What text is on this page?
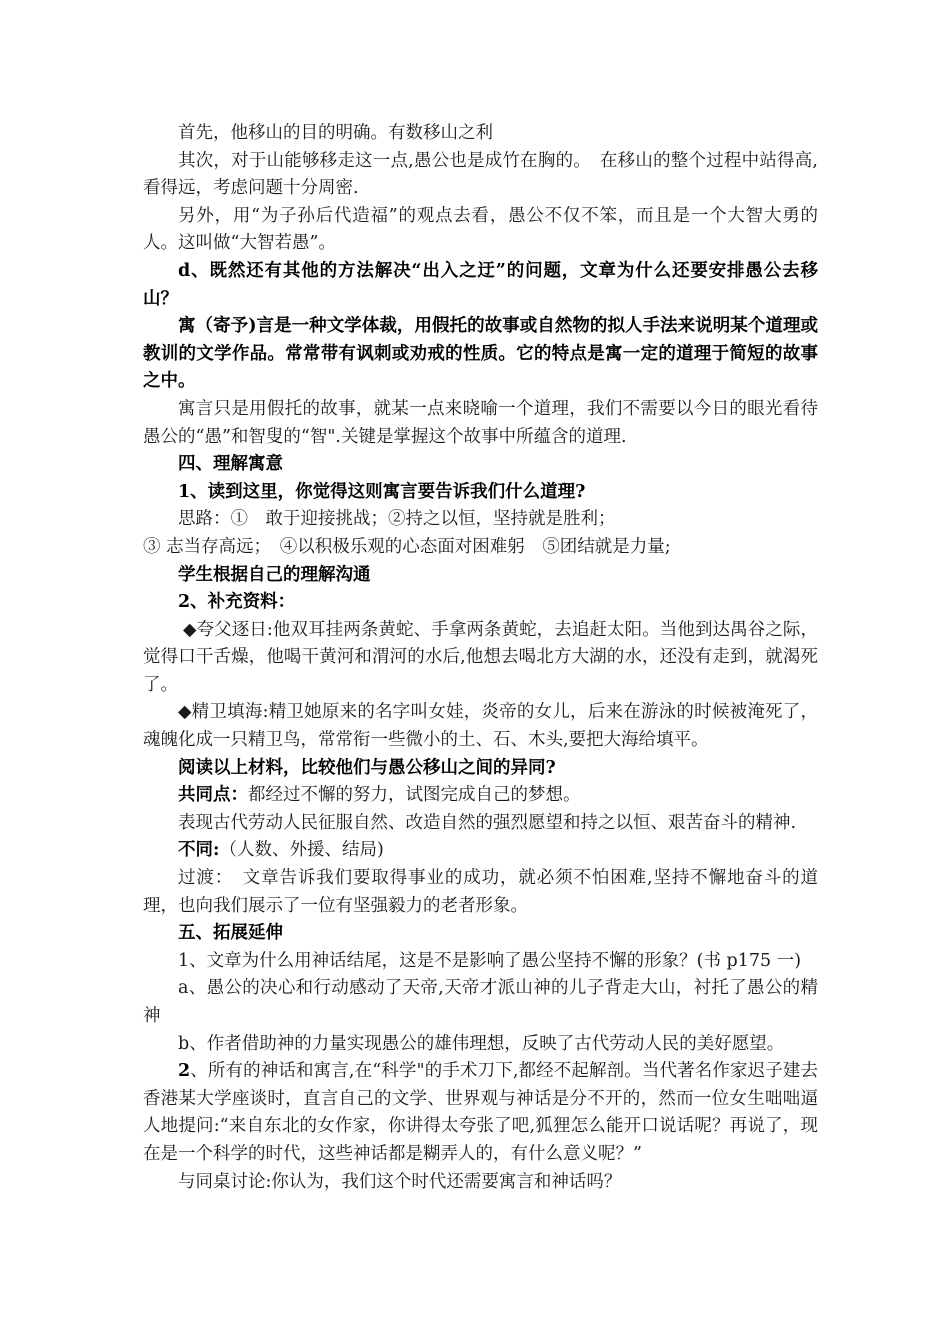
首先，他移山的目的明确。有数移山之利

其次，对于山能够移走这一点,愚公也是成竹在胸的。　在移山的整个过程中站得高,看得远，考虑问题十分周密.

另外，用“为子孙后代造福”的观点去看，愚公不仅不笨，而且是一个大智大勇的人。这叫做“大智若愚”。

d、既然还有其他的方法解决“出入之迂”的问题，文章为什么还要安排愚公去移山？

寓（寄予)言是一种文学体裁，用假托的故事或自然物的拟人手法来说明某个道理或教训的文学作品。常常带有讽刺或劝戒的性质。它的特点是寓一定的道理于简短的故事之中。

寓言只是用假托的故事，就某一点来晓喻一个道理，我们不需要以今日的眼光看待愚公的“愚”和智叟的“智".关键是掌握这个故事中所蕴含的道理.

四、理解寓意

1、读到这里，你觉得这则寓言要告诉我们什么道理?

思路：①　敢于迎接挑战；②持之以恒，坚持就是胜利；

③ 志当存高远；　④以积极乐观的心态面对困难躬　⑤团结就是力量;

学生根据自己的理解沟通

2、补充资料：

◆夸父逐日:他双耳挂两条黄蛇、手拿两条黄蛇，去追赶太阳。当他到达禺谷之际，觉得口干舌燥，他喝干黄河和渭河的水后,他想去喝北方大湖的水，还没有走到，就渴死了。

◆精卫填海:精卫她原来的名字叫女娃，炎帝的女儿，后来在游泳的时候被淹死了，魂魄化成一只精卫鸟，常常衔一些微小的土、石、木头,要把大海给填平。

阅读以上材料，比较他们与愚公移山之间的异同?

共同点：都经过不懈的努力，试图完成自己的梦想。

表现古代劳动人民征服自然、改造自然的强烈愿望和持之以恒、艰苦奋斗的精神.

不同:（人数、外援、结局)

过渡：　文章告诉我们要取得事业的成功，就必须不怕困难,坚持不懈地奋斗的道理，也向我们展示了一位有坚强毅力的老者形象。

五、拓展延伸

1、文章为什么用神话结尾，这是不是影响了愚公坚持不懈的形象？(书 p175 一)

a、愚公的决心和行动感动了天帝,天帝才派山神的儿子背走大山，衬托了愚公的精神

b、作者借助神的力量实现愚公的雄伟理想，反映了古代劳动人民的美好愿望。

2、所有的神话和寓言,在“科学"的手术刀下,都经不起解剖。当代著名作家迟子建去香港某大学座谈时，直言自己的文学、世界观与神话是分不开的，然而一位女生咄咄逼人地提问:“来自东北的女作家，你讲得太夸张了吧,狐狸怎么能开口说话呢？再说了，现在是一个科学的时代，这些神话都是糊弄人的，有什么意义呢？”

与同桌讨论:你认为，我们这个时代还需要寓言和神话吗？
